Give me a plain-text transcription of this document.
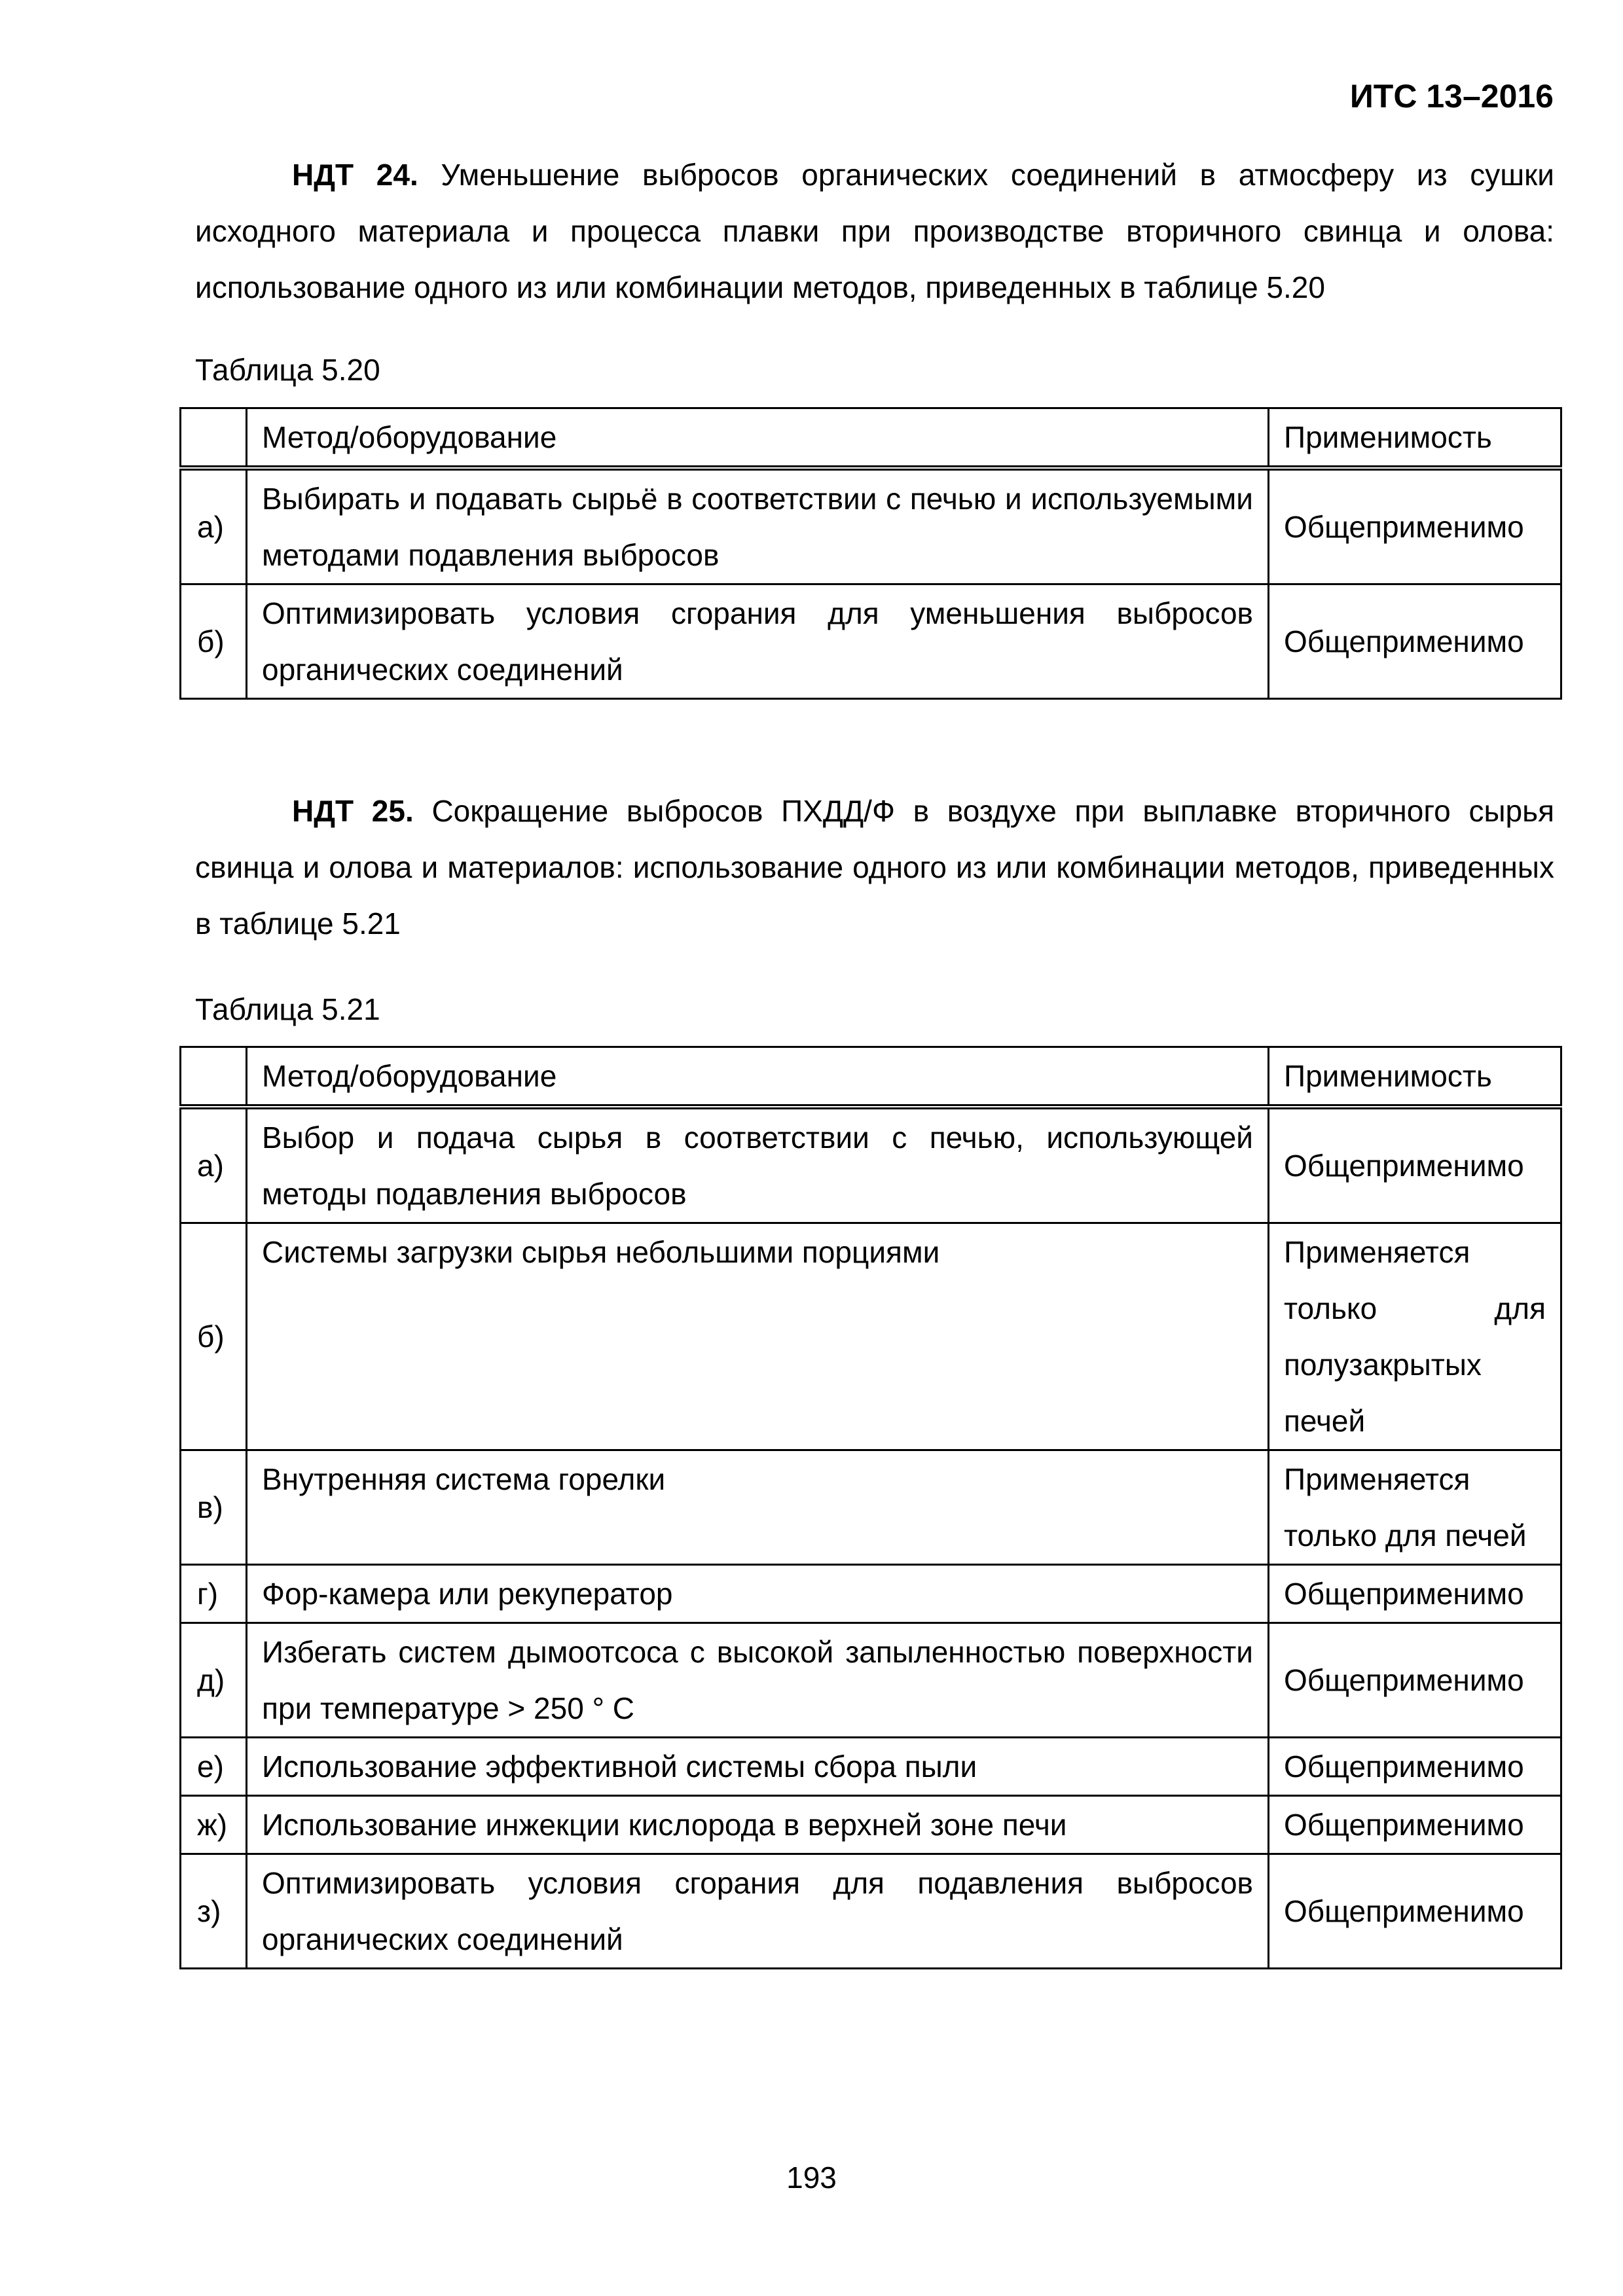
ИТС 13–2016

НДТ 24. Уменьшение выбросов органических соединений в атмосферу из сушки исходного материала и процесса плавки при производстве вторичного свинца и олова: использование одного из или комбинации методов, приведенных в таблице 5.20

Таблица 5.20
	Метод/оборудование	Применимость
а)	Выбирать и подавать сырьё в соответствии с печью и используемыми методами подавления выбросов	Общеприменимо
б)	Оптимизировать условия сгорания для уменьшения выбросов органических соединений	Общеприменимо

НДТ 25. Сокращение выбросов ПХДД/Ф в воздухе при выплавке вторичного сырья свинца и олова и материалов: использование одного из или комбинации методов, приведенных в таблице 5.21

Таблица 5.21
	Метод/оборудование	Применимость
а)	Выбор и подача сырья в соответствии с печью, использующей методы подавления выбросов	Общеприменимо
б)	Системы загрузки сырья небольшими порциями	Применяется только для полузакрытых печей
в)	Внутренняя система горелки	Применяется только для печей
г)	Фор-камера или рекуператор	Общеприменимо
д)	Избегать систем дымоотсоса с высокой запыленностью поверхности при температуре > 250 ° С	Общеприменимо
е)	Использование эффективной системы сбора пыли	Общеприменимо
ж)	Использование инжекции кислорода в верхней зоне печи	Общеприменимо
з)	Оптимизировать условия сгорания для подавления выбросов органических соединений	Общеприменимо
193
